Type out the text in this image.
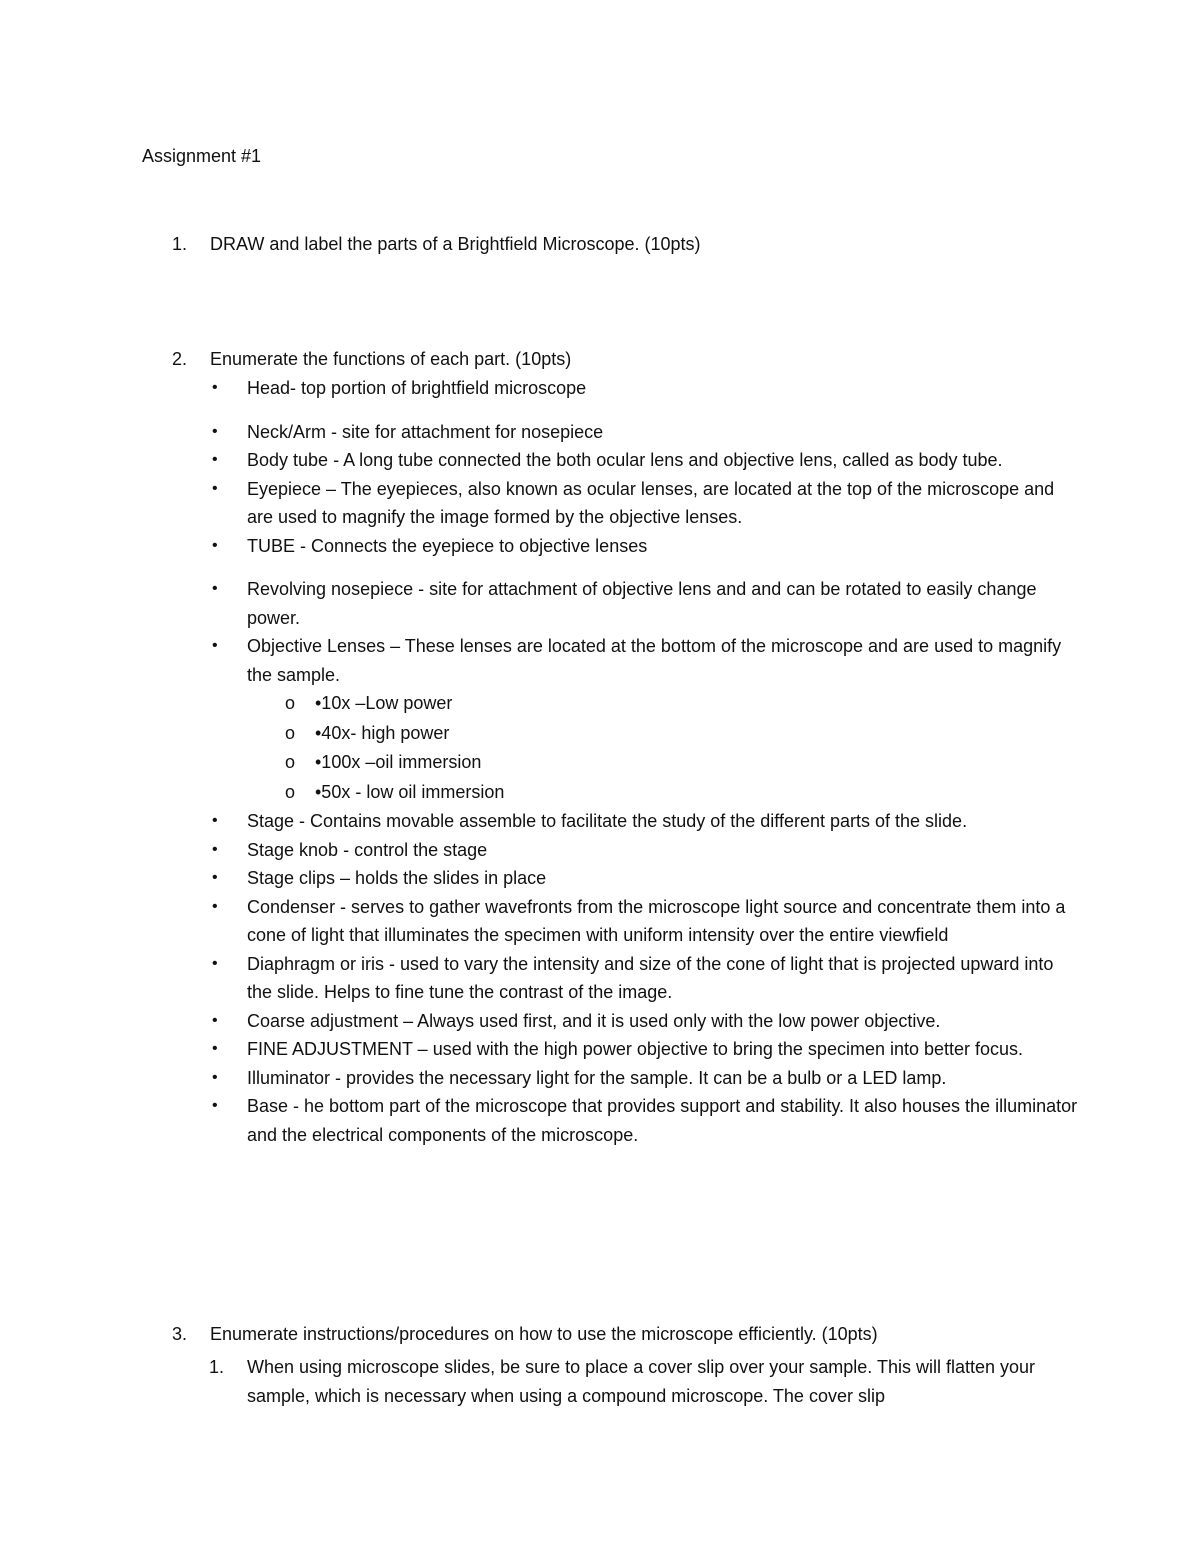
Assignment #1
1.	DRAW and label the parts of a Brightfield Microscope. (10pts)
2.	Enumerate the functions of each part. (10pts)
• Head- top portion of brightfield microscope
• Neck/Arm - site for attachment for nosepiece
• Body tube - A long tube connected the both ocular lens and objective lens, called as body tube.
• Eyepiece – The eyepieces, also known as ocular lenses, are located at the top of the microscope and are used to magnify the image formed by the objective lenses.
• TUBE - Connects the eyepiece to objective lenses
• Revolving nosepiece - site for attachment of objective lens and and can be rotated to easily change power.
• Objective Lenses – These lenses are located at the bottom of the microscope and are used to magnify the sample.
o •10x –Low power

o •40x- high power

o •100x –oil immersion

o •50x - low oil immersion

• Stage - Contains movable assemble to facilitate the study of the different parts of the slide.
• Stage knob - control the stage
• Stage clips – holds the slides in place
• Condenser - serves to gather wavefronts from the microscope light source and concentrate them into a cone of light that illuminates the specimen with uniform intensity over the entire viewfield
• Diaphragm or iris - used to vary the intensity and size of the cone of light that is projected upward into the slide. Helps to fine tune the contrast of the image.
• Coarse adjustment – Always used first, and it is used only with the low power objective.
• FINE ADJUSTMENT – used with the high power objective to bring the specimen into better focus.
• Illuminator - provides the necessary light for the sample. It can be a bulb or a LED lamp.
• Base - he bottom part of the microscope that provides support and stability. It also houses the illuminator and the electrical components of the microscope.
3.	Enumerate instructions/procedures on how to use the microscope efficiently. (10pts)
1. When using microscope slides, be sure to place a cover slip over your sample. This will flatten your sample, which is necessary when using a compound microscope. The cover slip
